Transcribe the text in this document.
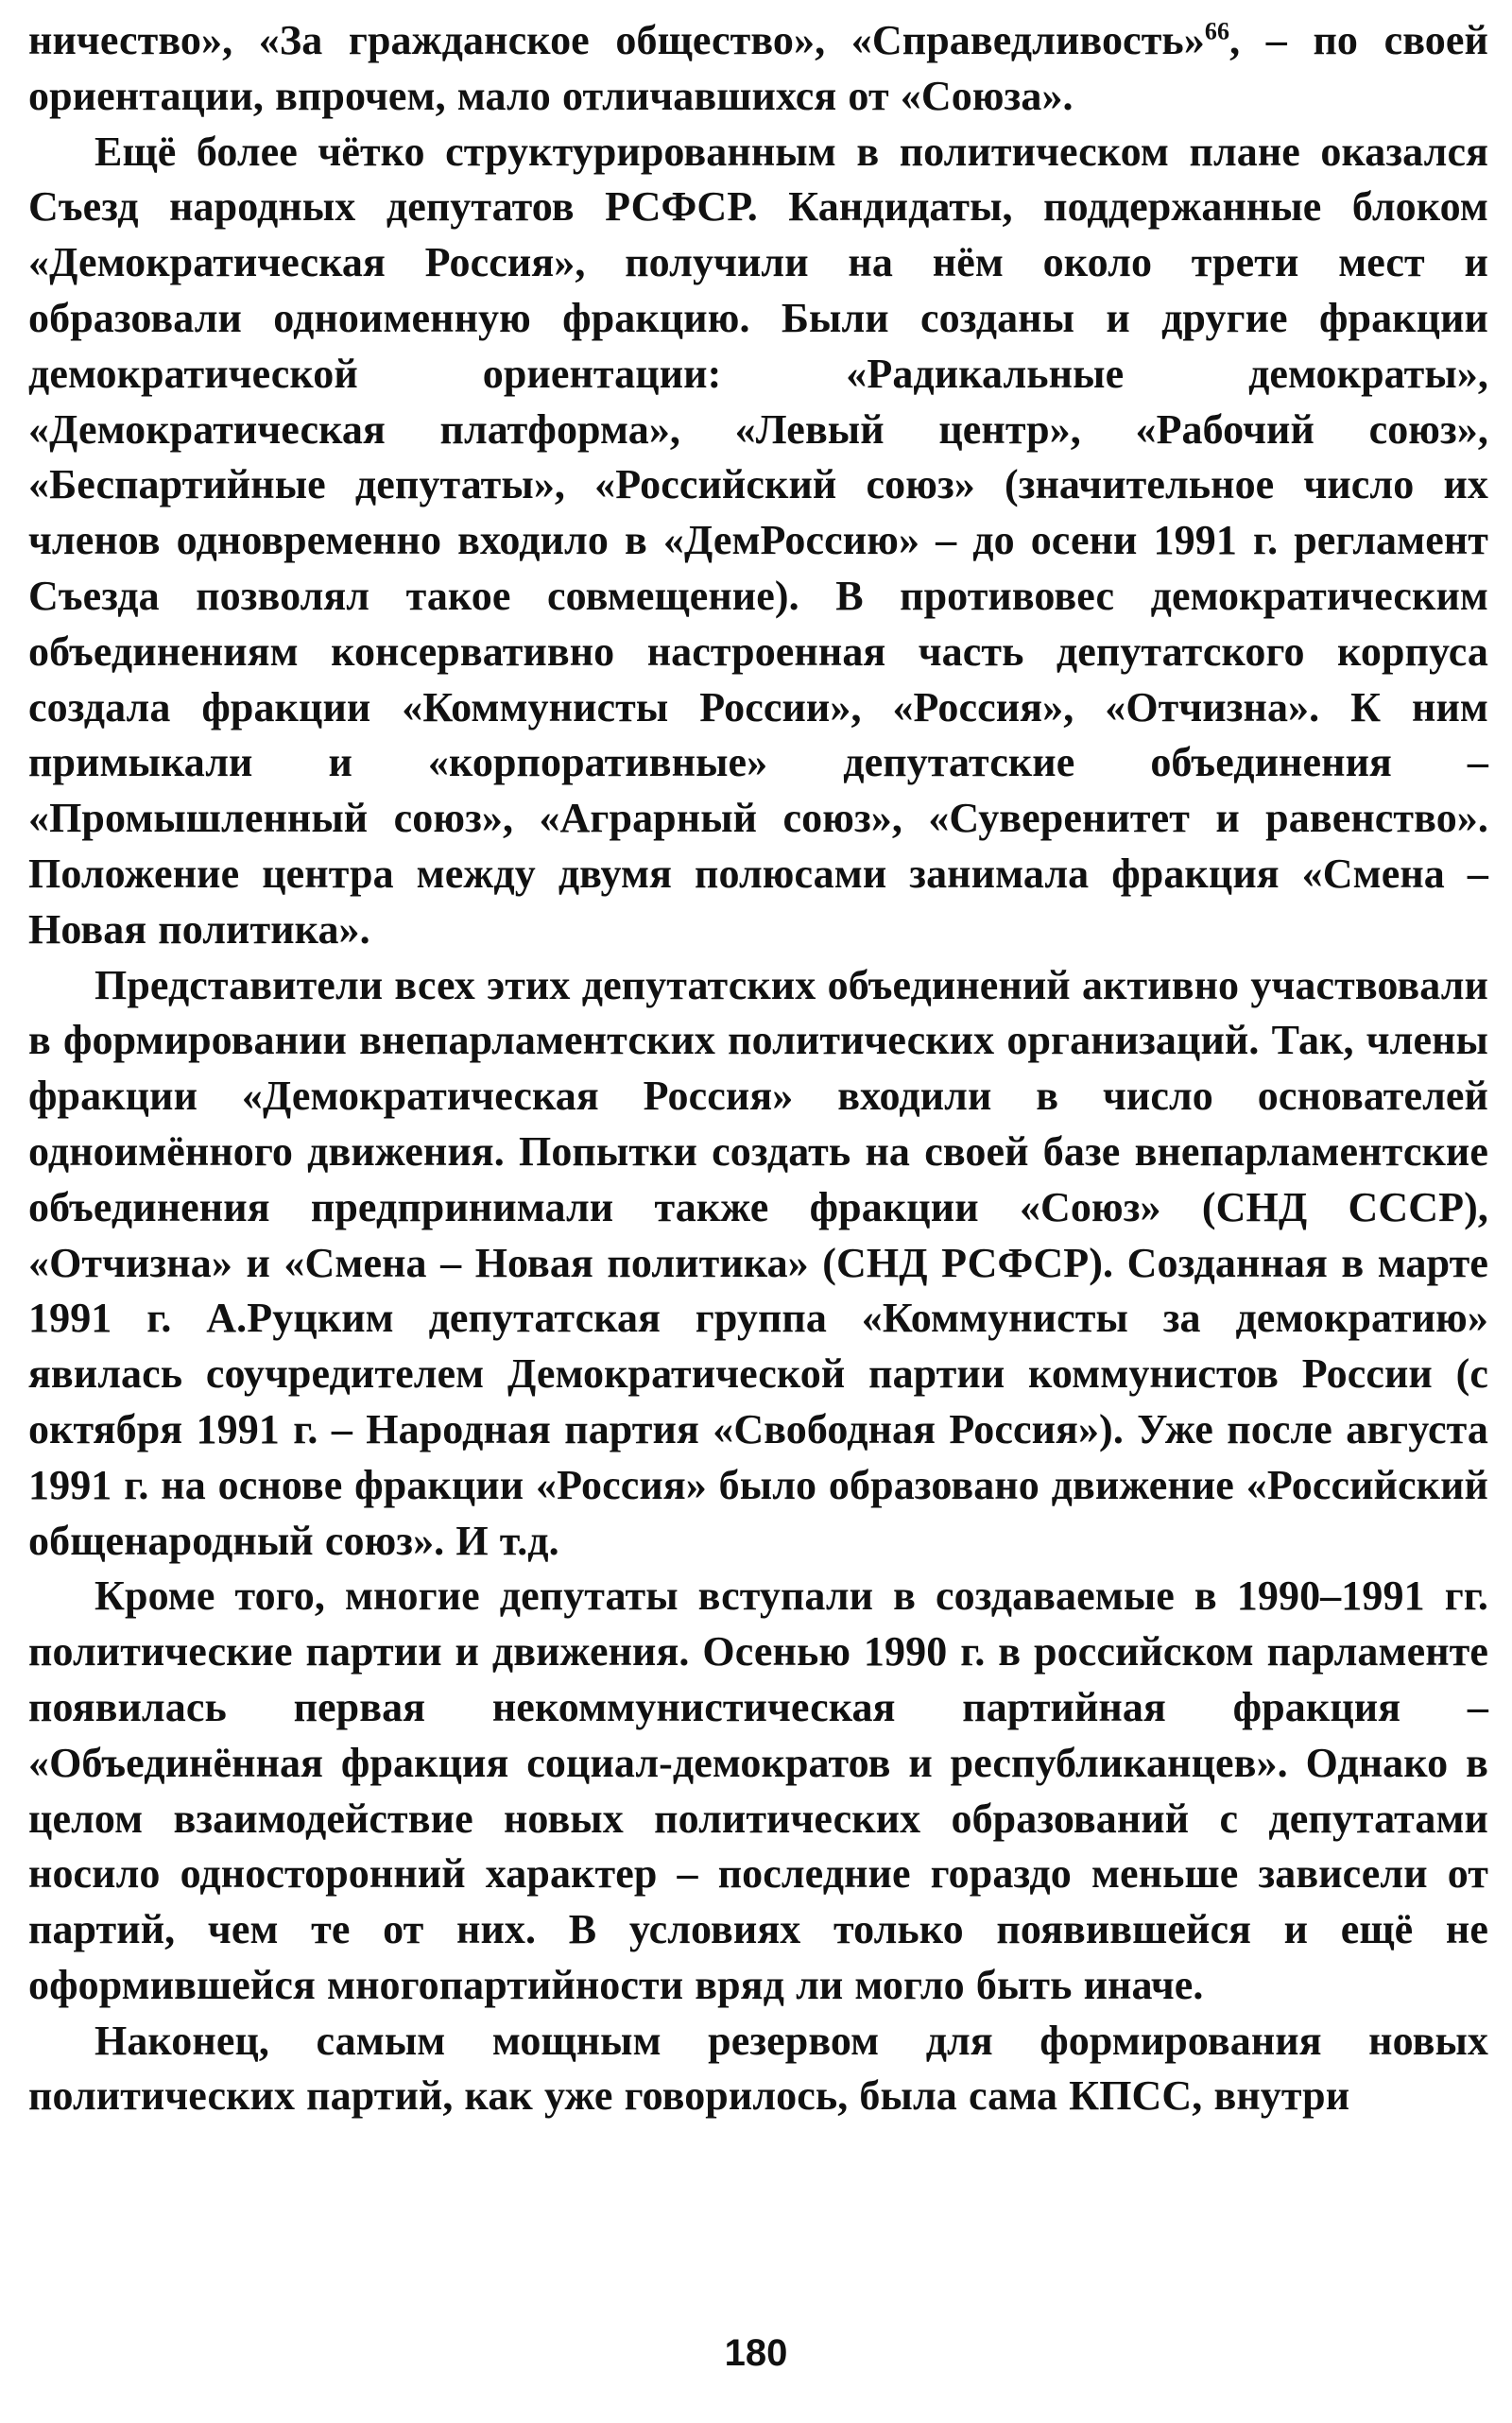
ничество», «За гражданское общество», «Справедливость»$^{66}$, – по своей ориентации, впрочем, мало отличавшихся от «Союза».

Ещё более чётко структурированным в политическом плане оказался Съезд народных депутатов РСФСР. Кандидаты, поддержанные блоком «Демократическая Россия», получили на нём около трети мест и образовали одноименную фракцию. Были созданы и другие фракции демократической ориентации: «Радикальные демократы», «Демократическая платформа», «Левый центр», «Рабочий союз», «Беспартийные депутаты», «Российский союз» (значительное число их членов одновременно входило в «ДемРоссию» – до осени 1991 г. регламент Съезда позволял такое совмещение). В противовес демократическим объединениям консервативно настроенная часть депутатского корпуса создала фракции «Коммунисты России», «Россия», «Отчизна». К ним примыкали и «корпоративные» депутатские объединения – «Промышленный союз», «Аграрный союз», «Суверенитет и равенство». Положение центра между двумя полюсами занимала фракция «Смена – Новая политика».

Представители всех этих депутатских объединений активно участвовали в формировании внепарламентских политических организаций. Так, члены фракции «Демократическая Россия» входили в число основателей одноимённого движения. Попытки создать на своей базе внепарламентские объединения предпринимали также фракции «Союз» (СНД СССР), «Отчизна» и «Смена – Новая политика» (СНД РСФСР). Созданная в марте 1991 г. А.Руцким депутатская группа «Коммунисты за демократию» явилась соучредителем Демократической партии коммунистов России (с октября 1991 г. – Народная партия «Свободная Россия»). Уже после августа 1991 г. на основе фракции «Россия» было образовано движение «Российский общенародный союз». И т.д.

Кроме того, многие депутаты вступали в создаваемые в 1990–1991 гг. политические партии и движения. Осенью 1990 г. в российском парламенте появилась первая некоммунистическая партийная фракция – «Объединённая фракция социал-демократов и республиканцев». Однако в целом взаимодействие новых политических образований с депутатами носило односторонний характер – последние гораздо меньше зависели от партий, чем те от них. В условиях только появившейся и ещё не оформившейся многопартийности вряд ли могло быть иначе.

Наконец, самым мощным резервом для формирования новых политических партий, как уже говорилось, была сама КПСС, внутри

180
